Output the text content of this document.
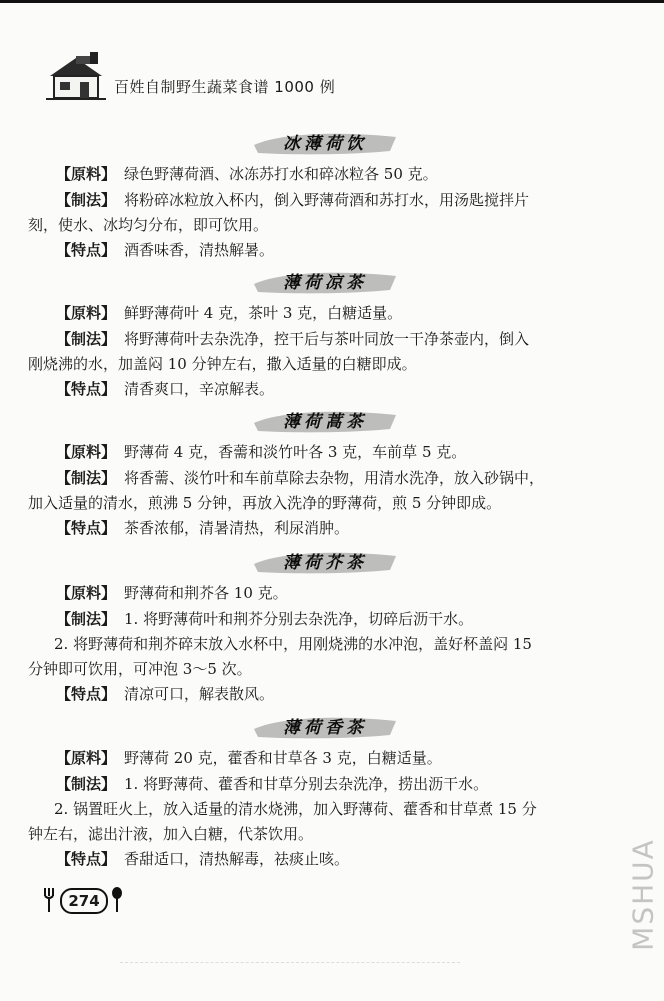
百姓自制野生蔬菜食谱 1000 例
冰薄荷饮
【原料】 绿色野薄荷酒、冰冻苏打水和碎冰粒各 50 克。
【制法】 将粉碎冰粒放入杯内，倒入野薄荷酒和苏打水，用汤匙搅拌片
刻，使水、冰均匀分布，即可饮用。
【特点】 酒香味香，清热解暑。
薄荷凉茶
【原料】 鲜野薄荷叶 4 克，茶叶 3 克，白糖适量。
【制法】 将野薄荷叶去杂洗净，控干后与茶叶同放一干净茶壶内，倒入
刚烧沸的水，加盖闷 10 分钟左右，撒入适量的白糖即成。
【特点】 清香爽口，辛凉解表。
薄荷蒿茶
【原料】 野薄荷 4 克，香薷和淡竹叶各 3 克，车前草 5 克。
【制法】 将香薷、淡竹叶和车前草除去杂物，用清水洗净，放入砂锅中，
加入适量的清水，煎沸 5 分钟，再放入洗净的野薄荷，煎 5 分钟即成。
【特点】 茶香浓郁，清暑清热，利尿消肿。
薄荷芥茶
【原料】 野薄荷和荆芥各 10 克。
【制法】 1. 将野薄荷叶和荆芥分别去杂洗净，切碎后沥干水。
2. 将野薄荷和荆芥碎末放入水杯中，用刚烧沸的水冲泡，盖好杯盖闷 15
分钟即可饮用，可冲泡 3～5 次。
【特点】 清凉可口，解表散风。
薄荷香茶
【原料】 野薄荷 20 克，藿香和甘草各 3 克，白糖适量。
【制法】 1. 将野薄荷、藿香和甘草分别去杂洗净，捞出沥干水。
2. 锅置旺火上，放入适量的清水烧沸，加入野薄荷、藿香和甘草煮 15 分
钟左右，滤出汁液，加入白糖，代茶饮用。
【特点】 香甜适口，清热解毒，祛痰止咳。
274	MSHUA
